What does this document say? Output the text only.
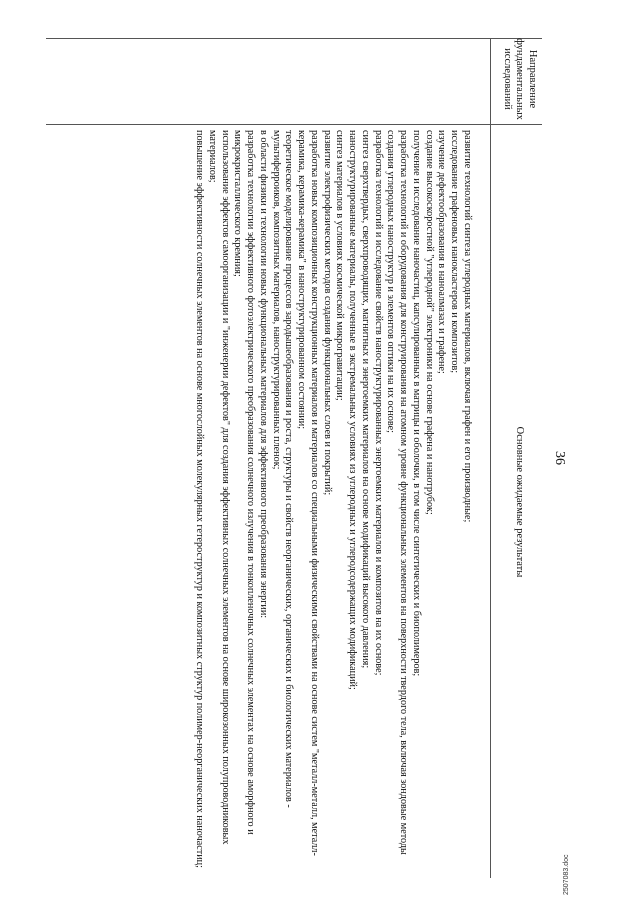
36
Направление фундаментальных исследований
Основные ожидаемые результаты
развитие технологий синтеза углеродных материалов, включая графен и его производные;
исследование графеновых нанокластеров и композитов;
изучение дефектообразования в наноалмазах и графене;
создание высокоскоростной "углеродной" электроники на основе графена и нанотрубок;
получение и исследование наночастиц, капсулированных в матрицы и оболочки, в том числе синтетических и биополимеров;
разработка технологий и оборудования для конструирования на атомном уровне функциональных элементов на поверхности твердого тела, включая зондовые методы создания углеродных наноструктур и элементов оптики на их основе;
разработка технологий и исследование свойств наноструктурированных энергоемких материалов и композитов на их основе;
синтез сверхтвердых, сверхпроводящих, магнитных и энергоемких материалов на основе модификаций высокого давления;
наноструктурированные материалы, полученные в экстремальных условиях из углеродных и углеродсодержащих модификаций;
синтез материалов в условиях космической микрогравитации;
развитие электрофизических методов создания функциональных слоев и покрытий;
разработка новых композиционных конструкционных материалов и материалов со специальными физическими свойствами на основе систем "металл-металл, металл-керамика, керамика-керамика" в наноструктурированном состоянии;
теоретическое моделирование процессов зародышеобразования и роста, структуры и свойств неорганических, органических и биологических материалов - мультиферроиков, композитных материалов, наноструктурированных пленок;
в области физики и технологии новых функциональных материалов для эффективного преобразования энергии:
разработка технологии эффективного фотоэлектрического преобразования солнечного излучения в тонкопленочных солнечных элементах на основе аморфного и микрокристаллического кремния;
использование эффектов самоорганизации и "инженерии дефектов" для создания эффективных солнечных элементов на основе широкозонных полупроводниковых материалов;
повышение эффективности солнечных элементов на основе многослойных молекулярных гетероструктур и композитных структур полимер-неорганических наночастиц;
2507083.doc
